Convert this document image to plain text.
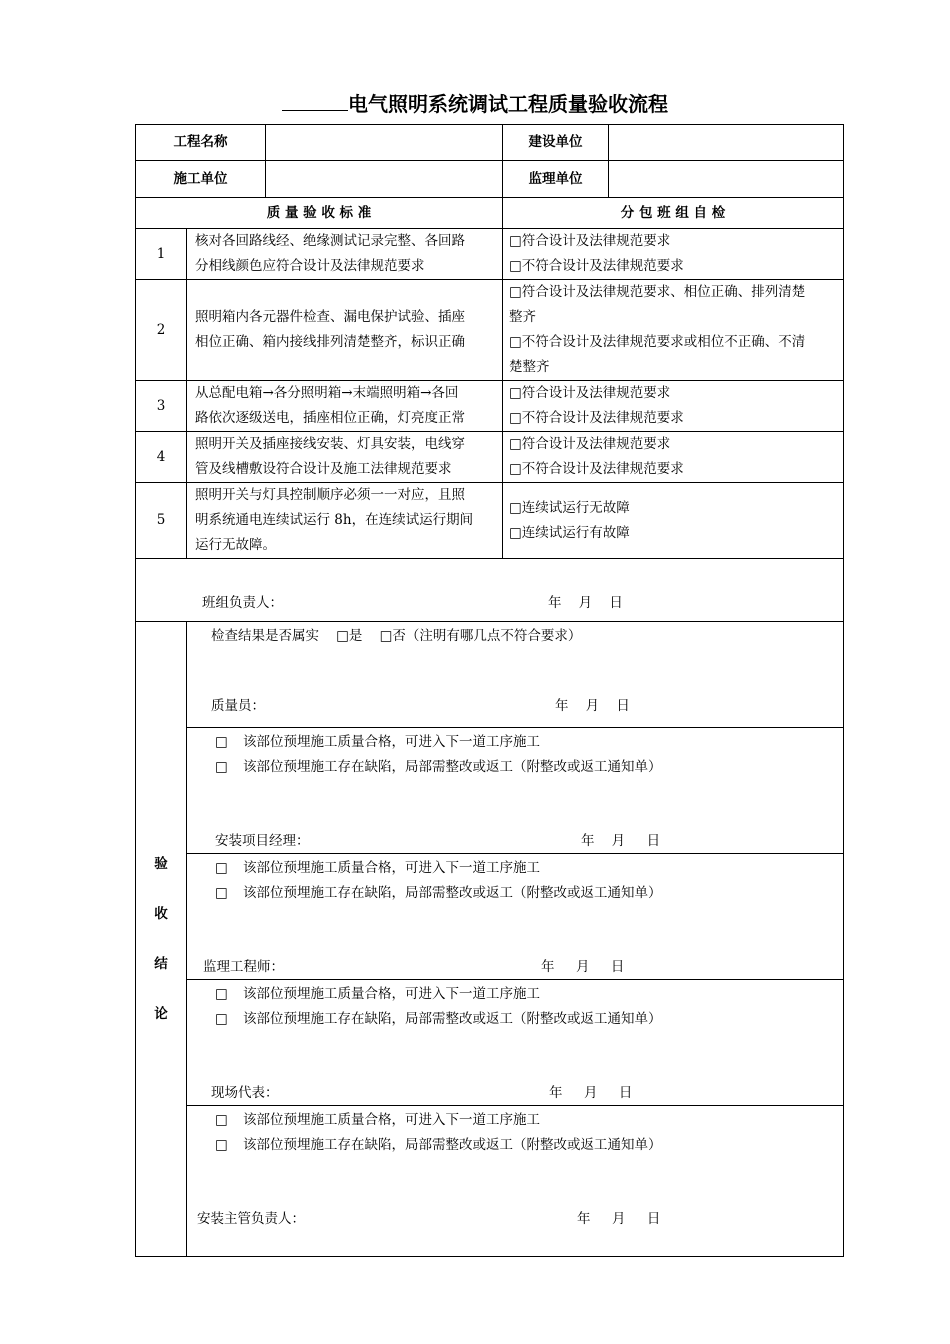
电气照明系统调试工程质量验收流程
工程名称			建设单位	
施工单位			监理单位	
质 量 验 收 标 准			分 包 班 组 自 检	
1	核对各回路线经、绝缘测试记录完整、各回路
分相线颜色应符合设计及法律规范要求		□符合设计及法律规范要求
□不符合设计及法律规范要求	

2	照明箱内各元器件检查、漏电保护试验、插座
相位正确、箱内接线排列清楚整齐，标识正确		□符合设计及法律规范要求、相位正确、排列清楚
整齐
□不符合设计及法律规范要求或相位不正确、不清
楚整齐	

3	从总配电箱→各分照明箱→末端照明箱→各回
路依次逐级送电，插座相位正确，灯亮度正常		□符合设计及法律规范要求
□不符合设计及法律规范要求	

4	照明开关及插座接线安装、灯具安装，电线穿
管及线槽敷设符合设计及施工法律规范要求		□符合设计及法律规范要求
□不符合设计及法律规范要求	

5	照明开关与灯具控制顺序必须一一对应，且照
明系统通电连续试运行 8h，在连续试运行期间
运行无故障。		□连续试运行无故障
□连续试运行有故障	

班组负责人： 年    月    日				

验
收
结
论	检查结果是否属实    □是    □否（注明有哪几点不符合要求）
质量员： 年    月    日			

	□ 该部位预埋施工质量合格，可进入下一道工序施工
□ 该部位预埋施工存在缺陷，局部需整改或返工（附整改或返工通知单）
安装项目经理： 年    月     日			

	□ 该部位预埋施工质量合格，可进入下一道工序施工
□ 该部位预埋施工存在缺陷，局部需整改或返工（附整改或返工通知单）
监理工程师： 年     月     日			

	□ 该部位预埋施工质量合格，可进入下一道工序施工
□ 该部位预埋施工存在缺陷，局部需整改或返工（附整改或返工通知单）
现场代表： 年     月     日			

	□ 该部位预埋施工质量合格，可进入下一道工序施工
□ 该部位预埋施工存在缺陷，局部需整改或返工（附整改或返工通知单）
安装主管负责人： 年     月     日			
